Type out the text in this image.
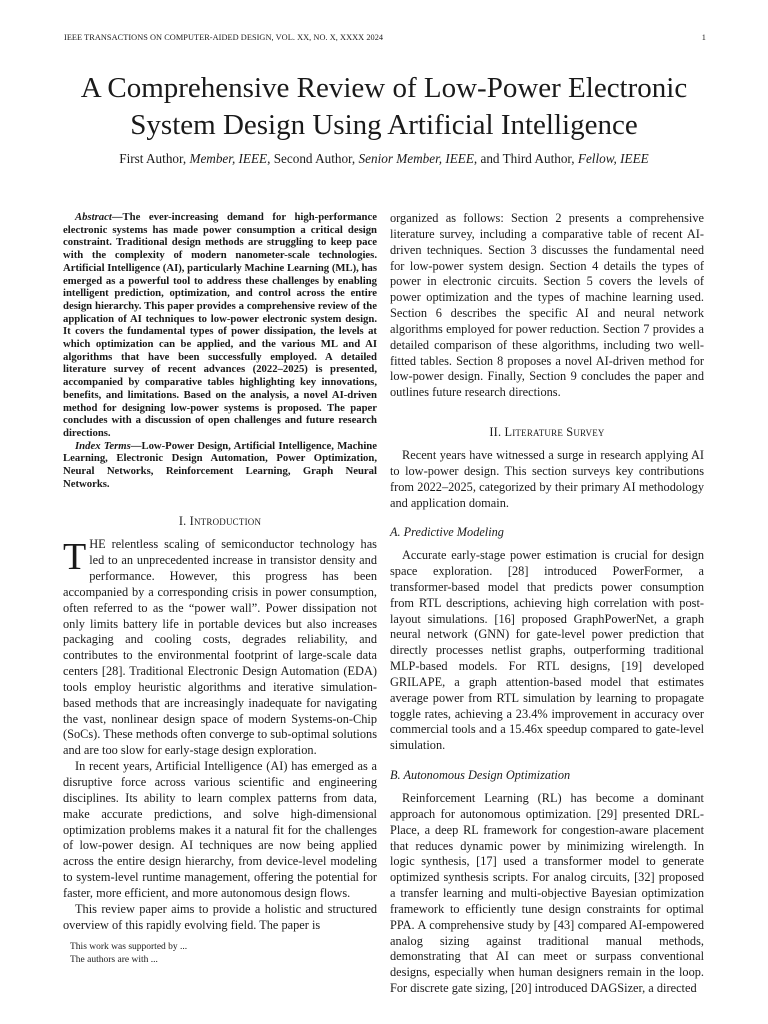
IEEE TRANSACTIONS ON COMPUTER-AIDED DESIGN, VOL. XX, NO. X, XXXX 2024	1
A Comprehensive Review of Low-Power Electronic
System Design Using Artificial Intelligence
First Author, Member, IEEE, Second Author, Senior Member, IEEE, and Third Author, Fellow, IEEE

Abstract—The ever-increasing demand for high-performance electronic systems has made power consumption a critical design constraint. Traditional design methods are struggling to keep pace with the complexity of modern nanometer-scale technologies. Artificial Intelligence (AI), particularly Machine Learning (ML), has emerged as a powerful tool to address these challenges by enabling intelligent prediction, optimization, and control across the entire design hierarchy. This paper provides a comprehensive review of the application of AI techniques to low-power electronic system design. It covers the fundamental types of power dissipation, the levels at which optimization can be applied, and the various ML and AI algorithms that have been successfully employed. A detailed literature survey of recent advances (2022–2025) is presented, accompanied by comparative tables highlighting key innovations, benefits, and limitations. Based on the analysis, a novel AI-driven method for designing low-power systems is proposed. The paper concludes with a discussion of open challenges and future research directions.

Index Terms—Low-Power Design, Artificial Intelligence, Machine Learning, Electronic Design Automation, Power Optimization, Neural Networks, Reinforcement Learning, Graph Neural Networks.

I. Introduction

THE relentless scaling of semiconductor technology has led to an unprecedented increase in transistor density and performance. However, this progress has been accompanied by a corresponding crisis in power consumption, often referred to as the “power wall”. Power dissipation not only limits battery life in portable devices but also increases packaging and cooling costs, degrades reliability, and contributes to the environmental footprint of large-scale data centers [28]. Traditional Electronic Design Automation (EDA) tools employ heuristic algorithms and iterative simulation-based methods that are increasingly inadequate for navigating the vast, nonlinear design space of modern Systems-on-Chip (SoCs). These methods often converge to sub-optimal solutions and are too slow for early-stage design exploration.

In recent years, Artificial Intelligence (AI) has emerged as a disruptive force across various scientific and engineering disciplines. Its ability to learn complex patterns from data, make accurate predictions, and solve high-dimensional optimization problems makes it a natural fit for the challenges of low-power design. AI techniques are now being applied across the entire design hierarchy, from device-level modeling to system-level runtime management, offering the potential for faster, more efficient, and more autonomous design flows.

This review paper aims to provide a holistic and structured overview of this rapidly evolving field. The paper is

organized as follows: Section 2 presents a comprehensive literature survey, including a comparative table of recent AI-driven techniques. Section 3 discusses the fundamental need for low-power system design. Section 4 details the types of power in electronic circuits. Section 5 covers the levels of power optimization and the types of machine learning used. Section 6 describes the specific AI and neural network algorithms employed for power reduction. Section 7 provides a detailed comparison of these algorithms, including two well-fitted tables. Section 8 proposes a novel AI-driven method for low-power design. Finally, Section 9 concludes the paper and outlines future research directions.

II. Literature Survey

Recent years have witnessed a surge in research applying AI to low-power design. This section surveys key contributions from 2022–2025, categorized by their primary AI methodology and application domain.

A. Predictive Modeling

Accurate early-stage power estimation is crucial for design space exploration. [28] introduced PowerFormer, a transformer-based model that predicts power consumption from RTL descriptions, achieving high correlation with post-layout simulations. [16] proposed GraphPowerNet, a graph neural network (GNN) for gate-level power prediction that directly processes netlist graphs, outperforming traditional MLP-based models. For RTL designs, [19] developed GRILAPE, a graph attention-based model that estimates average power from RTL simulation by learning to propagate toggle rates, achieving a 23.4% improvement in accuracy over commercial tools and a 15.46x speedup compared to gate-level simulation.

B. Autonomous Design Optimization

Reinforcement Learning (RL) has become a dominant approach for autonomous optimization. [29] presented DRL-Place, a deep RL framework for congestion-aware placement that reduces dynamic power by minimizing wirelength. In logic synthesis, [17] used a transformer model to generate optimized synthesis scripts. For analog circuits, [32] proposed a transfer learning and multi-objective Bayesian optimization framework to efficiently tune design constraints for optimal PPA. A comprehensive study by [43] compared AI-empowered analog sizing against traditional manual methods, demonstrating that AI can meet or surpass conventional designs, especially when human designers remain in the loop. For discrete gate sizing, [20] introduced DAGSizer, a directed

This work was supported by ...
The authors are with ...
